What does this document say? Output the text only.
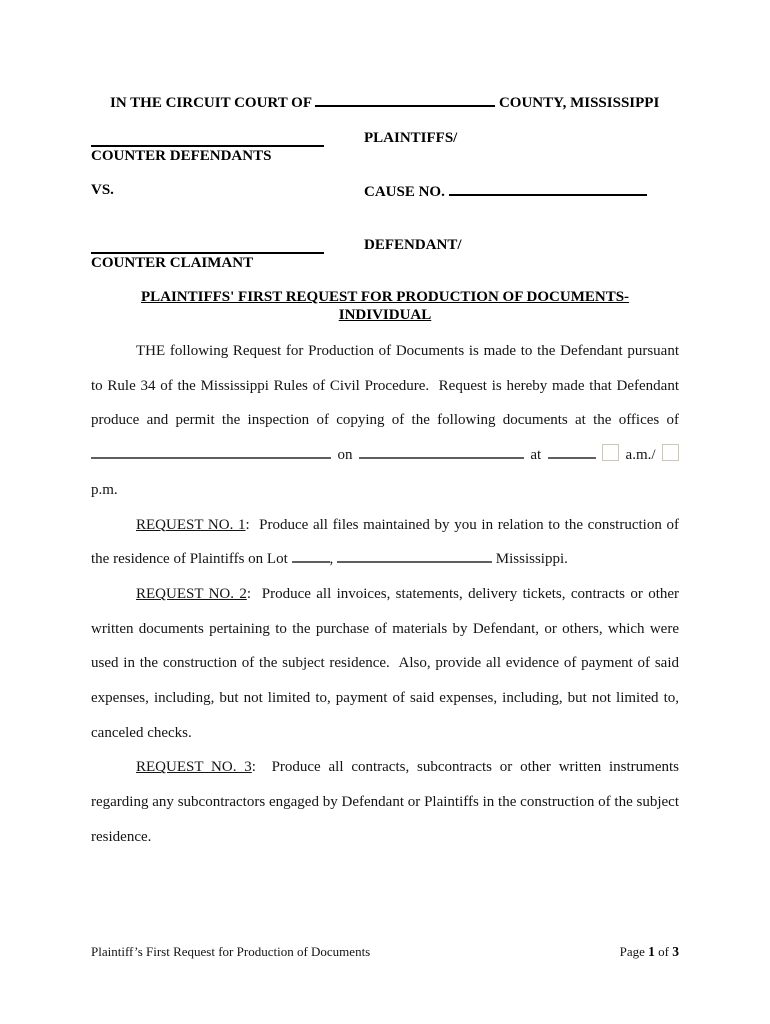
IN THE CIRCUIT COURT OF	COUNTY, MISSISSIPPI
COUNTER DEFENDANTS
PLAINTIFFS/
VS.	CAUSE NO.
COUNTER CLAIMANT
DEFENDANT/
PLAINTIFFS' FIRST REQUEST FOR PRODUCTION OF DOCUMENTS-
INDIVIDUAL

THE following Request for Production of Documents is made to the Defendant pursuant to Rule 34 of the Mississippi Rules of Civil Procedure.  Request is hereby made that Defendant produce and permit the inspection of copying of the following documents at the offices of  on	at	a.m./  p.m.

REQUEST NO. 1:  Produce all files maintained by you in relation to the construction of the residence of Plaintiffs on Lot	,	Mississippi.

REQUEST NO. 2:  Produce all invoices, statements, delivery tickets, contracts or other written documents pertaining to the purchase of materials by Defendant, or others, which were used in the construction of the subject residence.  Also, provide all evidence of payment of said expenses, including, but not limited to, payment of said expenses, including, but not limited to, canceled checks.

REQUEST NO. 3:  Produce all contracts, subcontracts or other written instruments regarding any subcontractors engaged by Defendant or Plaintiffs in the construction of the subject residence.

Plaintiff’s First Request for Production of Documents	Page 1 of 3
